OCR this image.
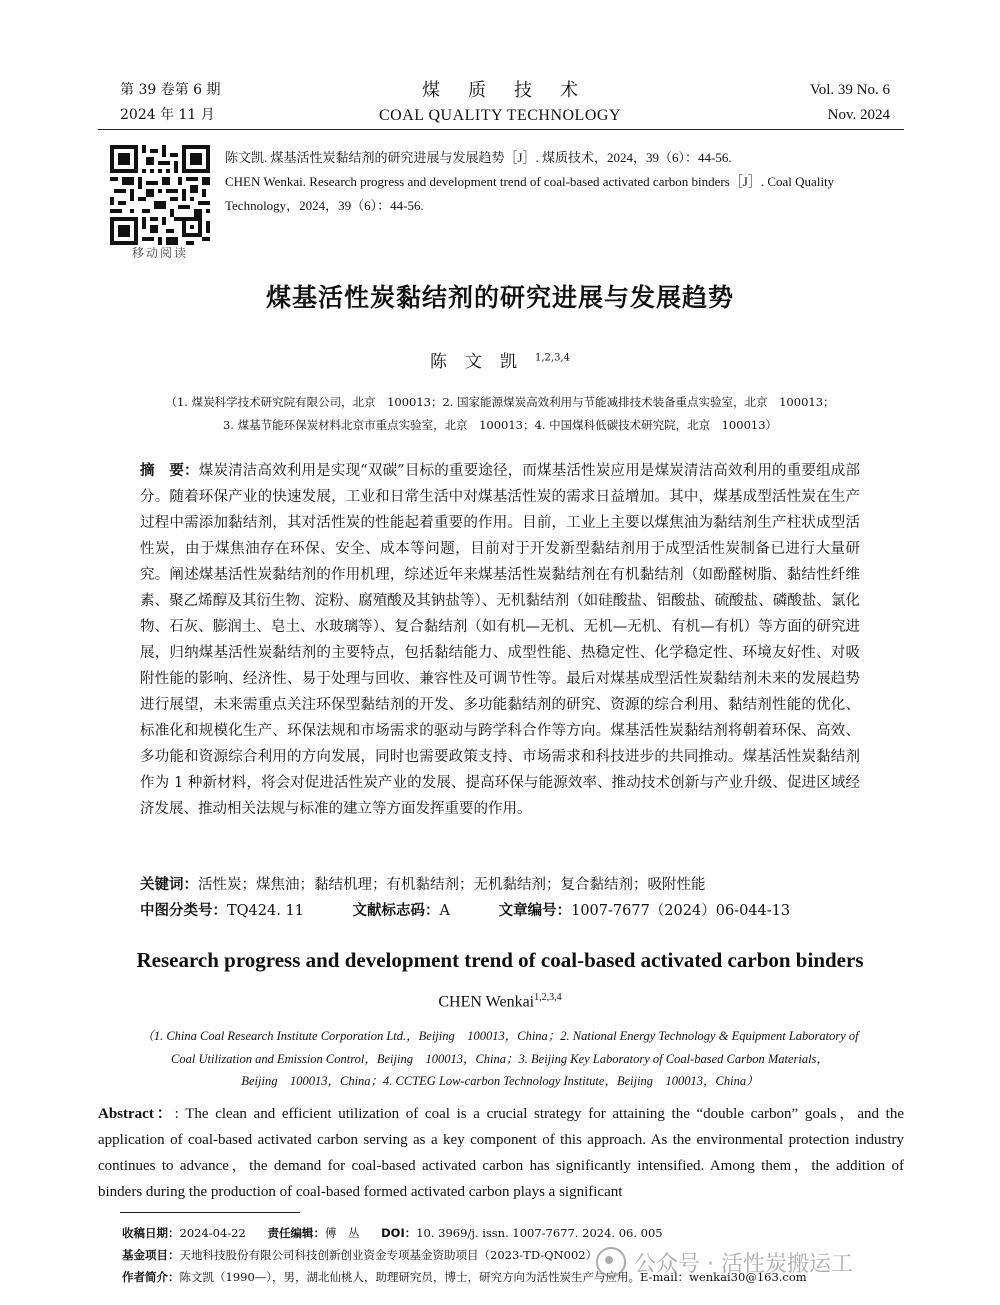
第 39 卷第 6 期
2024 年 11 月
煤质技术
COAL QUALITY TECHNOLOGY
Vol. 39 No. 6
Nov. 2024
移动阅读
陈文凯. 煤基活性炭黏结剂的研究进展与发展趋势［J］. 煤质技术，2024，39（6）：44-56.
CHEN Wenkai. Research progress and development trend of coal-based activated carbon binders［J］. Coal Quality Technology，2024，39（6）：44-56.
煤基活性炭黏结剂的研究进展与发展趋势
陈文凯$^{1,2,3,4}$
（1. 煤炭科学技术研究院有限公司，北京　100013；2. 国家能源煤炭高效利用与节能减排技术装备重点实验室，北京　100013；
3. 煤基节能环保炭材料北京市重点实验室，北京　100013；4. 中国煤科低碳技术研究院，北京　100013）
摘　要：煤炭清洁高效利用是实现“双碳”目标的重要途径，而煤基活性炭应用是煤炭清洁高效利用的重要组成部分。随着环保产业的快速发展，工业和日常生活中对煤基活性炭的需求日益增加。其中，煤基成型活性炭在生产过程中需添加黏结剂，其对活性炭的性能起着重要的作用。目前，工业上主要以煤焦油为黏结剂生产柱状成型活性炭，由于煤焦油存在环保、安全、成本等问题，目前对于开发新型黏结剂用于成型活性炭制备已进行大量研究。阐述煤基活性炭黏结剂的作用机理，综述近年来煤基活性炭黏结剂在有机黏结剂（如酚醛树脂、黏结性纤维素、聚乙烯醇及其衍生物、淀粉、腐殖酸及其钠盐等）、无机黏结剂（如硅酸盐、铝酸盐、硫酸盐、磷酸盐、氯化物、石灰、膨润土、皂土、水玻璃等）、复合黏结剂（如有机—无机、无机—无机、有机—有机）等方面的研究进展，归纳煤基活性炭黏结剂的主要特点，包括黏结能力、成型性能、热稳定性、化学稳定性、环境友好性、对吸附性能的影响、经济性、易于处理与回收、兼容性及可调节性等。最后对煤基成型活性炭黏结剂未来的发展趋势进行展望，未来需重点关注环保型黏结剂的开发、多功能黏结剂的研究、资源的综合利用、黏结剂性能的优化、标准化和规模化生产、环保法规和市场需求的驱动与跨学科合作等方向。煤基活性炭黏结剂将朝着环保、高效、多功能和资源综合利用的方向发展，同时也需要政策支持、市场需求和科技进步的共同推动。煤基活性炭黏结剂作为 1 种新材料，将会对促进活性炭产业的发展、提高环保与能源效率、推动技术创新与产业升级、促进区域经济发展、推动相关法规与标准的建立等方面发挥重要的作用。
关键词：活性炭；煤焦油；黏结机理；有机黏结剂；无机黏结剂；复合黏结剂；吸附性能
中图分类号：TQ424. 11	文献标志码：A	文章编号：1007-7677（2024）06-044-13
Research progress and development trend of coal-based activated carbon binders
CHEN Wenkai$^{1,2,3,4}$
（1. China Coal Research Institute Corporation Ltd.，Beijing　100013，China；2. National Energy Technology & Equipment Laboratory of
Coal Utilization and Emission Control，Beijing　100013，China；3. Beijing Key Laboratory of Coal-based Carbon Materials，
Beijing　100013，China；4. CCTEG Low-carbon Technology Institute，Beijing　100013，China）
Abstract：: The clean and efficient utilization of coal is a crucial strategy for attaining the “double carbon” goals，and the application of coal-based activated carbon serving as a key component of this approach. As the environmental protection industry continues to advance，the demand for coal-based activated carbon has significantly intensified. Among them，the addition of binders during the production of coal-based formed activated carbon plays a significant
收稿日期：2024-04-22 责任编辑：傅　丛 DOI：10. 3969/j. issn. 1007-7677. 2024. 06. 005
基金项目：天地科技股份有限公司科技创新创业资金专项基金资助项目（2023-TD-QN002）
作者简介：陈文凯（1990—），男，湖北仙桃人，助理研究员，博士，研究方向为活性炭生产与应用。E-mail：wenkai30@163.com
公众号 · 活性炭搬运工
